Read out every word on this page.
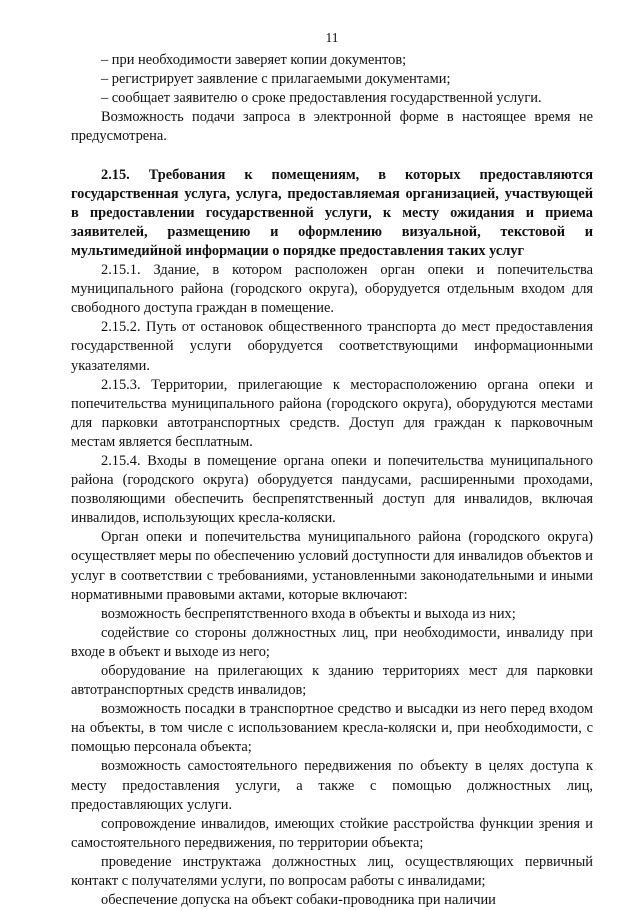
11

– при необходимости заверяет копии документов;

– регистрирует заявление с прилагаемыми документами;

– сообщает заявителю о сроке предоставления государственной услуги.

Возможность подачи запроса в электронной форме в настоящее время не предусмотрена.

2.15. Требования к помещениям, в которых предоставляются государственная услуга, услуга, предоставляемая организацией, участвующей в предоставлении государственной услуги, к месту ожидания и приема заявителей, размещению и оформлению визуальной, текстовой и мультимедийной информации о порядке предоставления таких услуг

2.15.1. Здание, в котором расположен орган опеки и попечительства муниципального района (городского округа), оборудуется отдельным входом для свободного доступа граждан в помещение.

2.15.2. Путь от остановок общественного транспорта до мест предоставления государственной услуги оборудуется соответствующими информационными указателями.

2.15.3. Территории, прилегающие к месторасположению органа опеки и попечительства муниципального района (городского округа), оборудуются местами для парковки автотранспортных средств. Доступ для граждан к парковочным местам является бесплатным.

2.15.4. Входы в помещение органа опеки и попечительства муниципального района (городского округа) оборудуется пандусами, расширенными проходами, позволяющими обеспечить беспрепятственный доступ для инвалидов, включая инвалидов, использующих кресла-коляски.

Орган опеки и попечительства муниципального района (городского округа) осуществляет меры по обеспечению условий доступности для инвалидов объектов и услуг в соответствии с требованиями, установленными законодательными и иными нормативными правовыми актами, которые включают:

возможность беспрепятственного входа в объекты и выхода из них;

содействие со стороны должностных лиц, при необходимости, инвалиду при входе в объект и выходе из него;

оборудование на прилегающих к зданию территориях мест для парковки автотранспортных средств инвалидов;

возможность посадки в транспортное средство и высадки из него перед входом на объекты, в том числе с использованием кресла-коляски и, при необходимости, с помощью персонала объекта;

возможность самостоятельного передвижения по объекту в целях доступа к месту предоставления услуги, а также с помощью должностных лиц, предоставляющих услуги.

сопровождение инвалидов, имеющих стойкие расстройства функции зрения и самостоятельного передвижения, по территории объекта;

проведение инструктажа должностных лиц, осуществляющих первичный контакт с получателями услуги, по вопросам работы с инвалидами;

обеспечение допуска на объект собаки-проводника при наличии
